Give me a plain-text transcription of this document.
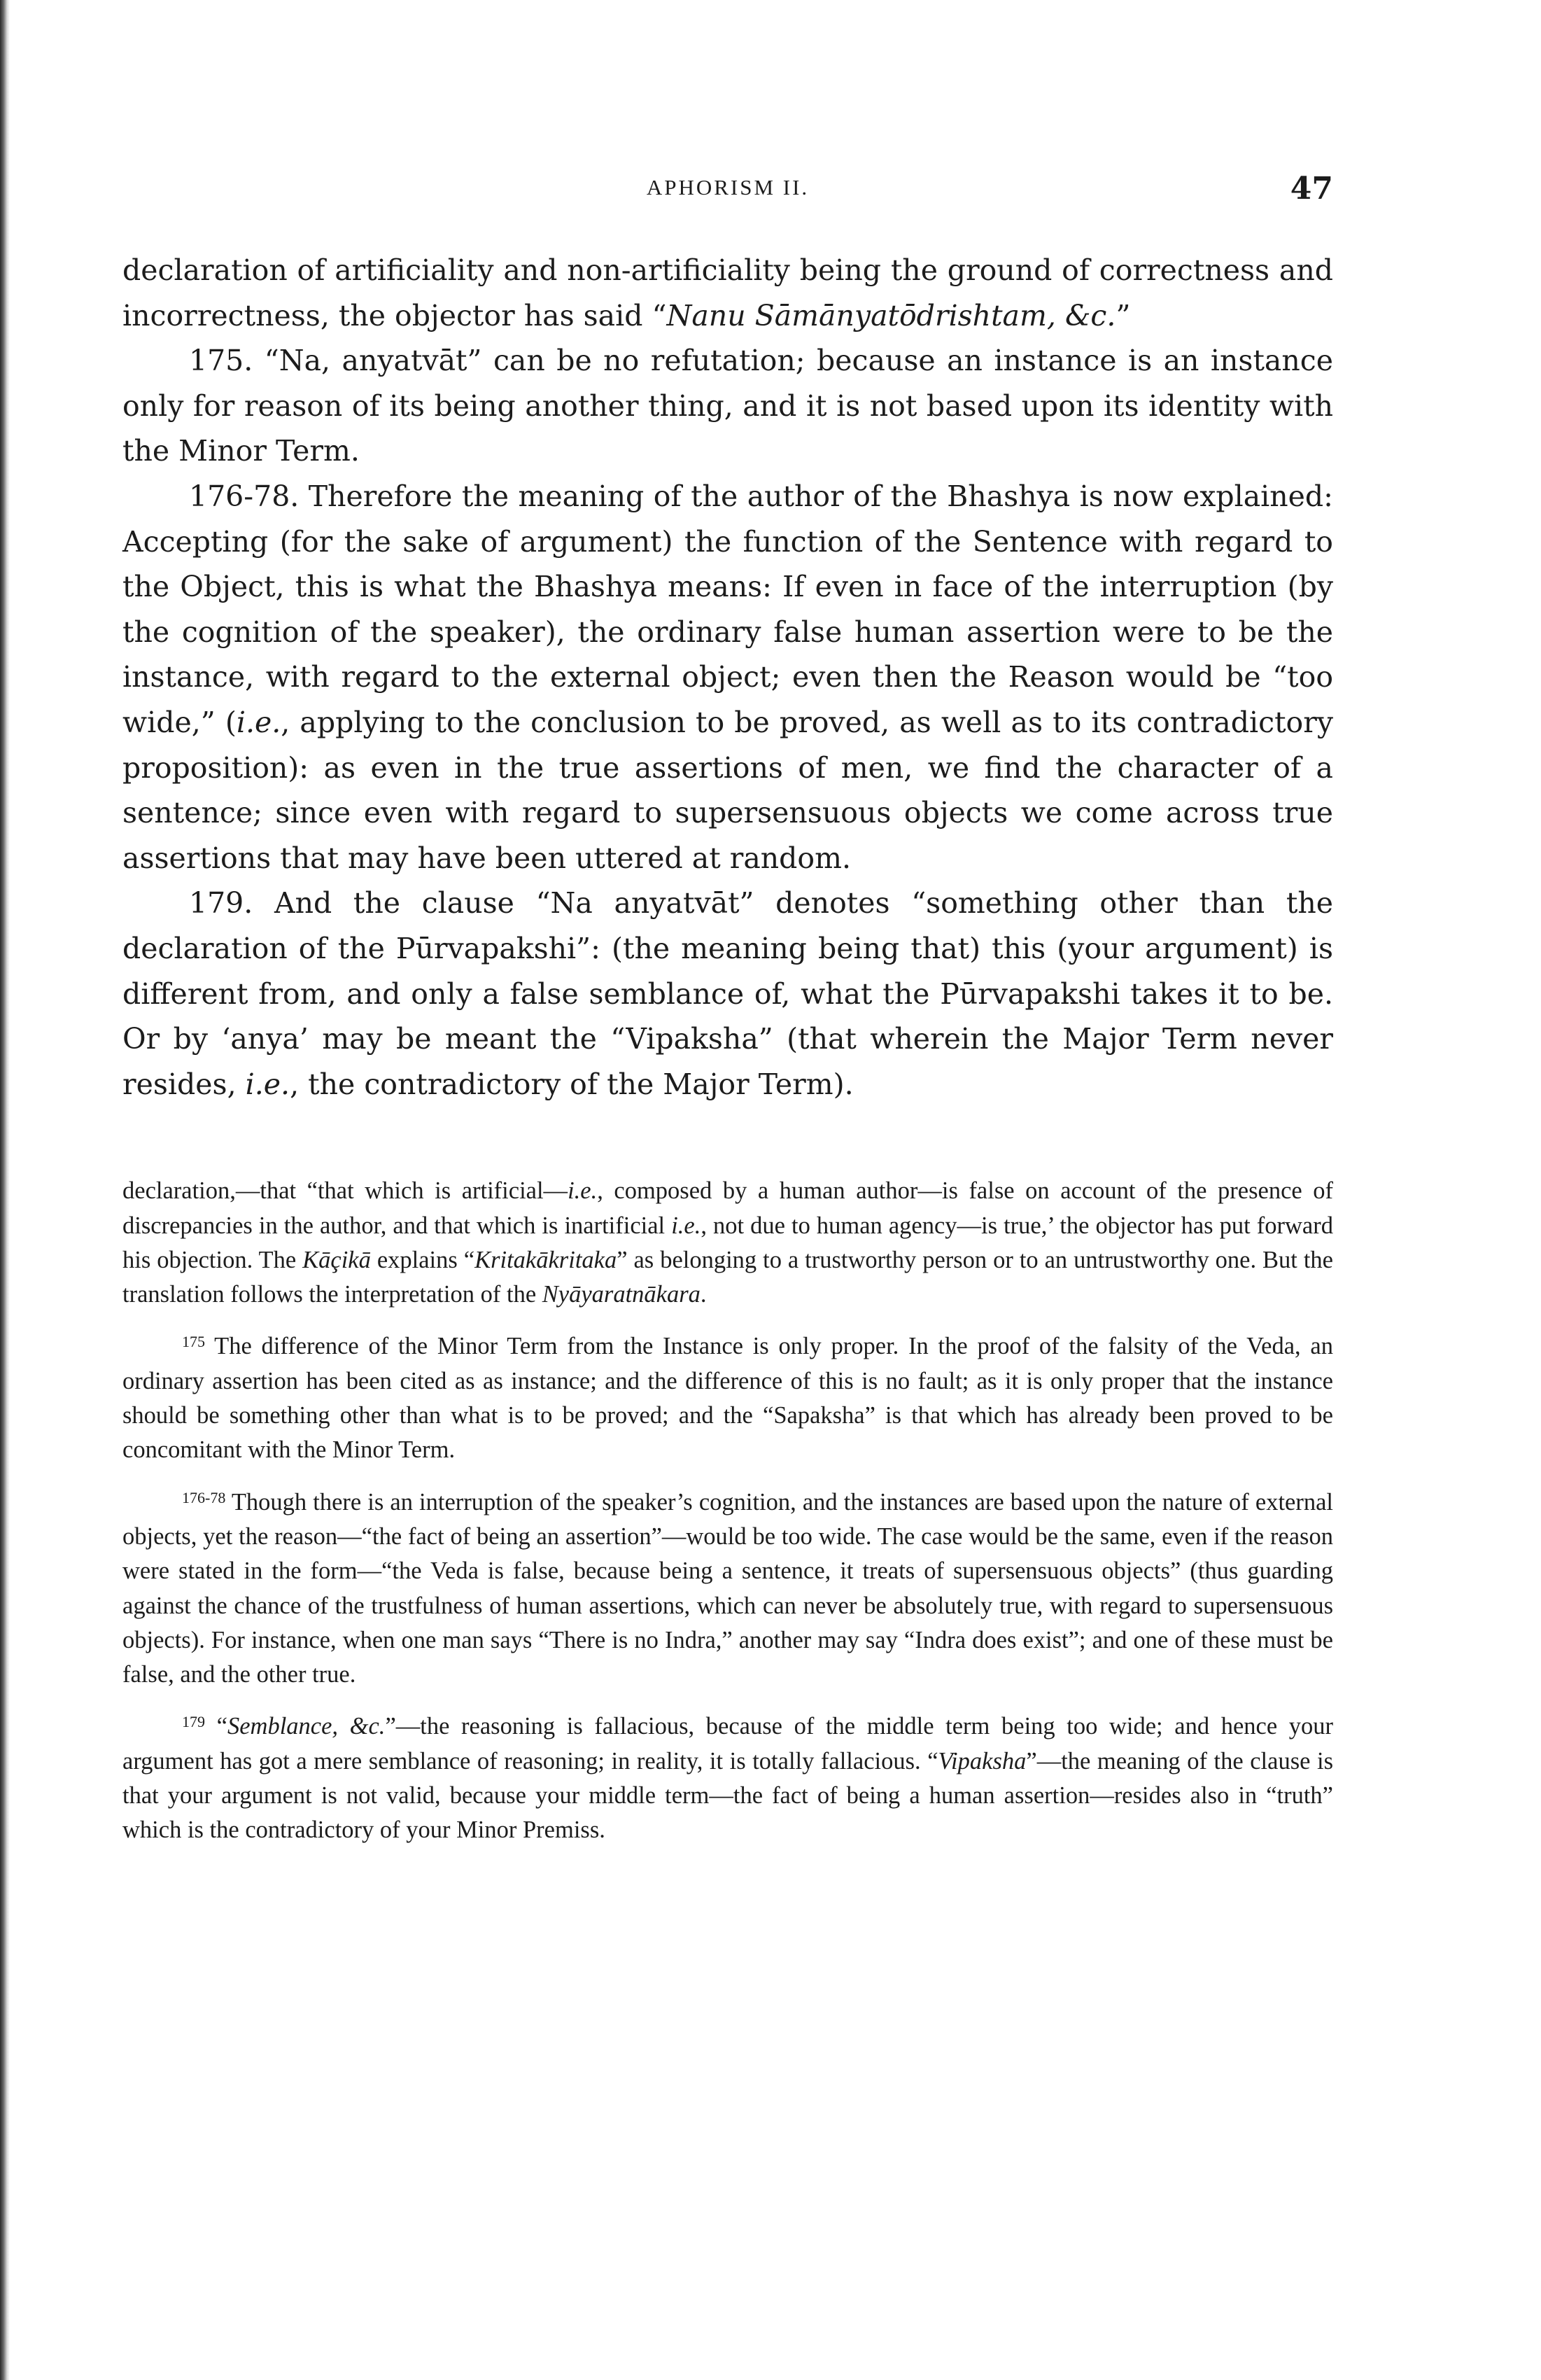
APHORISM II.	47

declaration of artificiality and non-artificiality being the ground of correctness and incorrectness, the objector has said “Nanu Sāmānyatōdrishtam, &c.”

175. “Na, anyatvāt” can be no refutation; because an instance is an instance only for reason of its being another thing, and it is not based upon its identity with the Minor Term.

176-78. Therefore the meaning of the author of the Bhashya is now explained: Accepting (for the sake of argument) the function of the Sentence with regard to the Object, this is what the Bhashya means: If even in face of the interruption (by the cognition of the speaker), the ordinary false human assertion were to be the instance, with regard to the external object; even then the Reason would be “too wide,” (i.e., applying to the conclusion to be proved, as well as to its contradictory proposition): as even in the true assertions of men, we find the character of a sentence; since even with regard to supersensuous objects we come across true assertions that may have been uttered at random.

179. And the clause “Na anyatvāt” denotes “something other than the declaration of the Pūrvapakshi”: (the meaning being that) this (your argument) is different from, and only a false semblance of, what the Pūrvapakshi takes it to be. Or by ‘anya’ may be meant the “Vipaksha” (that wherein the Major Term never resides, i.e., the contradictory of the Major Term).

declaration,—that “that which is artificial—i.e., composed by a human author—is false on account of the presence of discrepancies in the author, and that which is inartificial i.e., not due to human agency—is true,’ the objector has put forward his objection. The Kāçikā explains “Kritakākritaka” as belonging to a trustworthy person or to an untrustworthy one. But the translation follows the interpretation of the Nyāyaratnākara.

$^{175}$ The difference of the Minor Term from the Instance is only proper. In the proof of the falsity of the Veda, an ordinary assertion has been cited as as instance; and the difference of this is no fault; as it is only proper that the instance should be something other than what is to be proved; and the “Sapaksha” is that which has already been proved to be concomitant with the Minor Term.

$^{176-78}$ Though there is an interruption of the speaker’s cognition, and the instances are based upon the nature of external objects, yet the reason—“the fact of being an assertion”—would be too wide. The case would be the same, even if the reason were stated in the form—“the Veda is false, because being a sentence, it treats of supersensuous objects” (thus guarding against the chance of the trustfulness of human assertions, which can never be absolutely true, with regard to supersensuous objects). For instance, when one man says “There is no Indra,” another may say “Indra does exist”; and one of these must be false, and the other true.

$^{179}$ “Semblance, &c.”—the reasoning is fallacious, because of the middle term being too wide; and hence your argument has got a mere semblance of reasoning; in reality, it is totally fallacious. “Vipaksha”—the meaning of the clause is that your argument is not valid, because your middle term—the fact of being a human assertion—resides also in “truth” which is the contradictory of your Minor Premiss.
